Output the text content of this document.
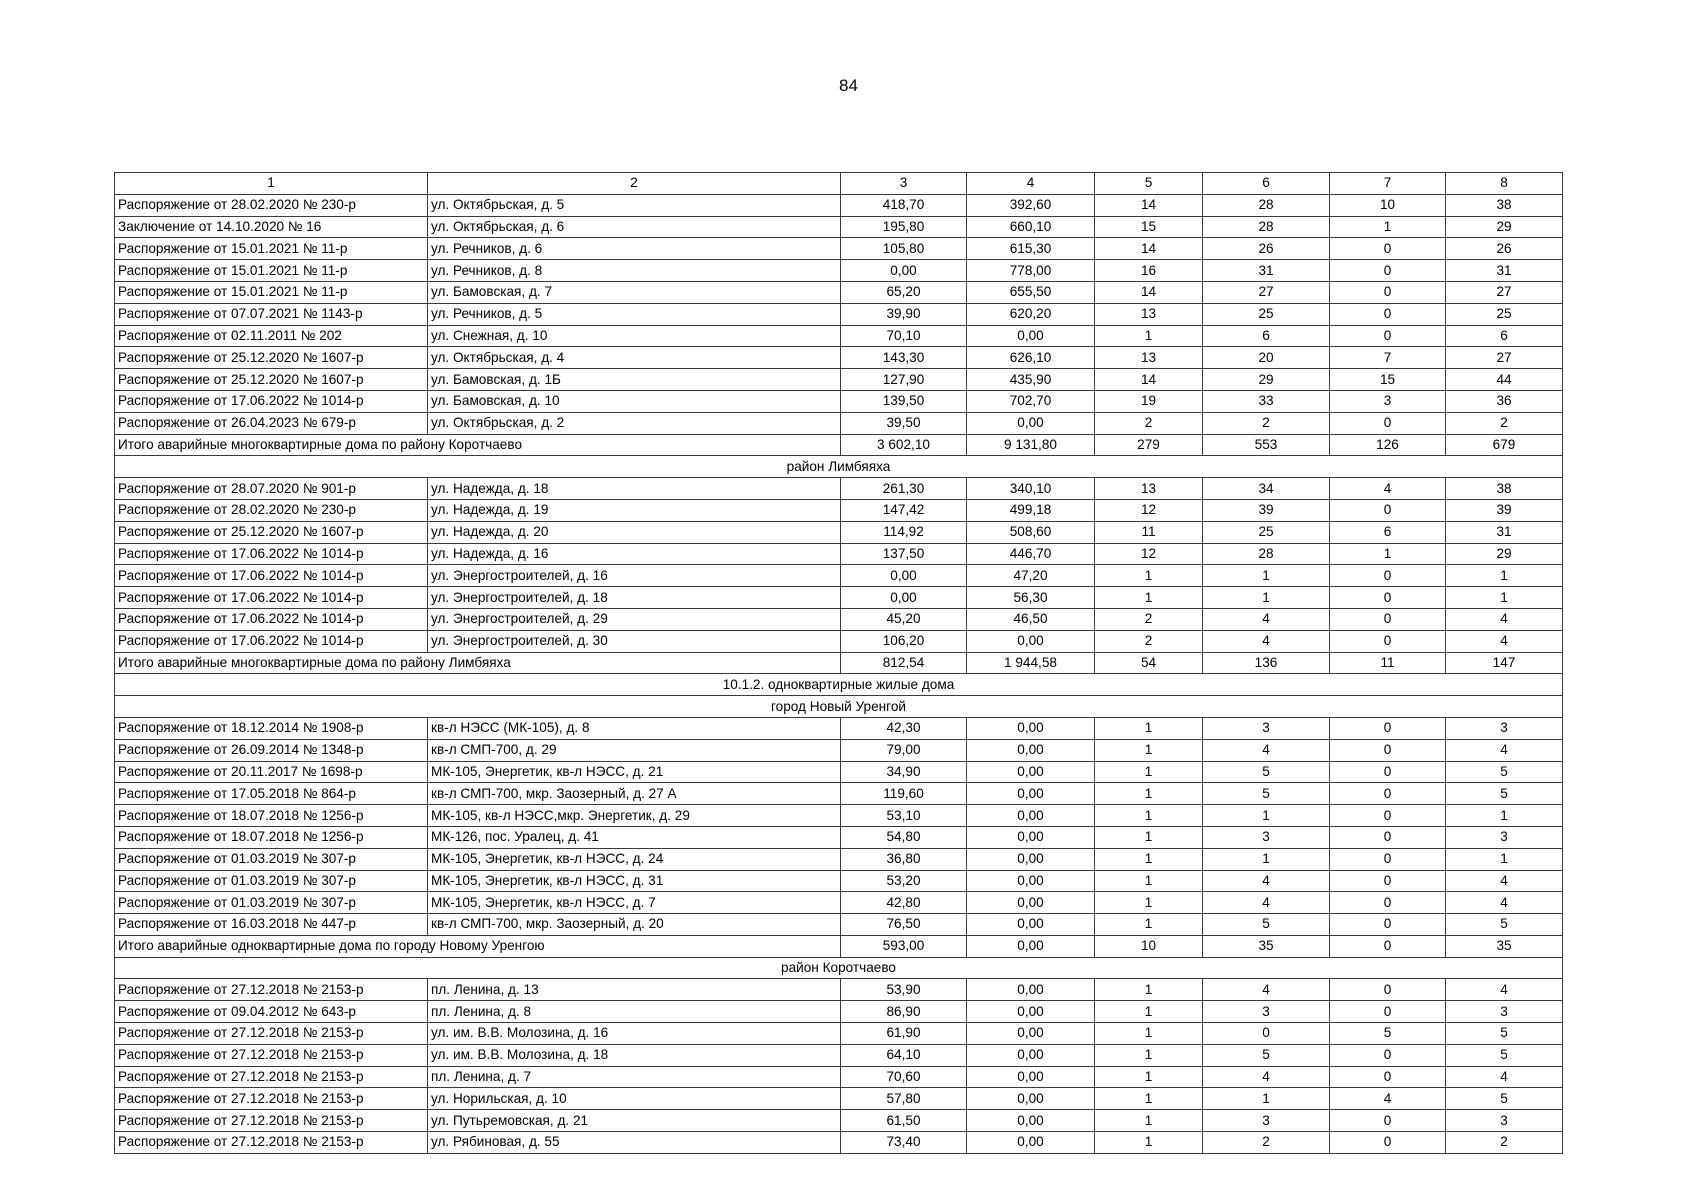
84
1	2	3	4	5	6	7	8
Распоряжение от 28.02.2020 № 230-р	ул. Октябрьская, д. 5	418,70	392,60	14	28	10	38
Заключение от 14.10.2020 № 16	ул. Октябрьская, д. 6	195,80	660,10	15	28	1	29
Распоряжение от 15.01.2021 № 11-р	ул. Речников, д. 6	105,80	615,30	14	26	0	26
Распоряжение от 15.01.2021 № 11-р	ул. Речников, д. 8	0,00	778,00	16	31	0	31
Распоряжение от 15.01.2021 № 11-р	ул. Бамовская, д. 7	65,20	655,50	14	27	0	27
Распоряжение от 07.07.2021 № 1143-р	ул. Речников, д. 5	39,90	620,20	13	25	0	25
Распоряжение от 02.11.2011 № 202	ул. Снежная, д. 10	70,10	0,00	1	6	0	6
Распоряжение от 25.12.2020 № 1607-р	ул. Октябрьская, д. 4	143,30	626,10	13	20	7	27
Распоряжение от 25.12.2020 № 1607-р	ул. Бамовская, д. 1Б	127,90	435,90	14	29	15	44
Распоряжение от 17.06.2022 № 1014-р	ул. Бамовская, д. 10	139,50	702,70	19	33	3	36
Распоряжение от 26.04.2023 № 679-р	ул. Октябрьская, д. 2	39,50	0,00	2	2	0	2
Итого аварийные многоквартирные дома по району Коротчаево		3 602,10	9 131,80	279	553	126	679
район Лимбяяха							
Распоряжение от 28.07.2020 № 901-р	ул. Надежда, д. 18	261,30	340,10	13	34	4	38
Распоряжение от 28.02.2020 № 230-р	ул. Надежда, д. 19	147,42	499,18	12	39	0	39
Распоряжение от 25.12.2020 № 1607-р	ул. Надежда, д. 20	114,92	508,60	11	25	6	31
Распоряжение от 17.06.2022 № 1014-р	ул. Надежда, д. 16	137,50	446,70	12	28	1	29
Распоряжение от 17.06.2022 № 1014-р	ул. Энергостроителей, д. 16	0,00	47,20	1	1	0	1
Распоряжение от 17.06.2022 № 1014-р	ул. Энергостроителей, д. 18	0,00	56,30	1	1	0	1
Распоряжение от 17.06.2022 № 1014-р	ул. Энергостроителей, д. 29	45,20	46,50	2	4	0	4
Распоряжение от 17.06.2022 № 1014-р	ул. Энергостроителей, д. 30	106,20	0,00	2	4	0	4
Итого аварийные многоквартирные дома по району Лимбяяха		812,54	1 944,58	54	136	11	147
10.1.2. одноквартирные жилые дома							
город Новый Уренгой							
Распоряжение от 18.12.2014 № 1908-р	кв-л НЭСС (МК-105), д. 8	42,30	0,00	1	3	0	3
Распоряжение от 26.09.2014 № 1348-р	кв-л СМП-700, д. 29	79,00	0,00	1	4	0	4
Распоряжение от 20.11.2017 № 1698-р	МК-105, Энергетик, кв-л НЭСС, д. 21	34,90	0,00	1	5	0	5
Распоряжение от 17.05.2018 № 864-р	кв-л СМП-700, мкр. Заозерный, д. 27 А	119,60	0,00	1	5	0	5
Распоряжение от 18.07.2018 № 1256-р	МК-105, кв-л НЭСС,мкр. Энергетик, д. 29	53,10	0,00	1	1	0	1
Распоряжение от 18.07.2018 № 1256-р	МК-126, пос. Уралец, д. 41	54,80	0,00	1	3	0	3
Распоряжение от 01.03.2019 № 307-р	МК-105, Энергетик, кв-л НЭСС, д. 24	36,80	0,00	1	1	0	1
Распоряжение от 01.03.2019 № 307-р	МК-105, Энергетик, кв-л НЭСС, д. 31	53,20	0,00	1	4	0	4
Распоряжение от 01.03.2019 № 307-р	МК-105, Энергетик, кв-л НЭСС, д. 7	42,80	0,00	1	4	0	4
Распоряжение от 16.03.2018 № 447-р	кв-л СМП-700, мкр. Заозерный, д. 20	76,50	0,00	1	5	0	5
Итого аварийные одноквартирные дома по городу Новому Уренгою		593,00	0,00	10	35	0	35
район Коротчаево							
Распоряжение от 27.12.2018 № 2153-р	пл. Ленина, д. 13	53,90	0,00	1	4	0	4
Распоряжение от 09.04.2012 № 643-р	пл. Ленина, д. 8	86,90	0,00	1	3	0	3
Распоряжение от 27.12.2018 № 2153-р	ул. им. В.В. Молозина, д. 16	61,90	0,00	1	0	5	5
Распоряжение от 27.12.2018 № 2153-р	ул. им. В.В. Молозина, д. 18	64,10	0,00	1	5	0	5
Распоряжение от 27.12.2018 № 2153-р	пл. Ленина, д. 7	70,60	0,00	1	4	0	4
Распоряжение от 27.12.2018 № 2153-р	ул. Норильская, д. 10	57,80	0,00	1	1	4	5
Распоряжение от 27.12.2018 № 2153-р	ул. Путьремовская, д. 21	61,50	0,00	1	3	0	3
Распоряжение от 27.12.2018 № 2153-р	ул. Рябиновая, д. 55	73,40	0,00	1	2	0	2
